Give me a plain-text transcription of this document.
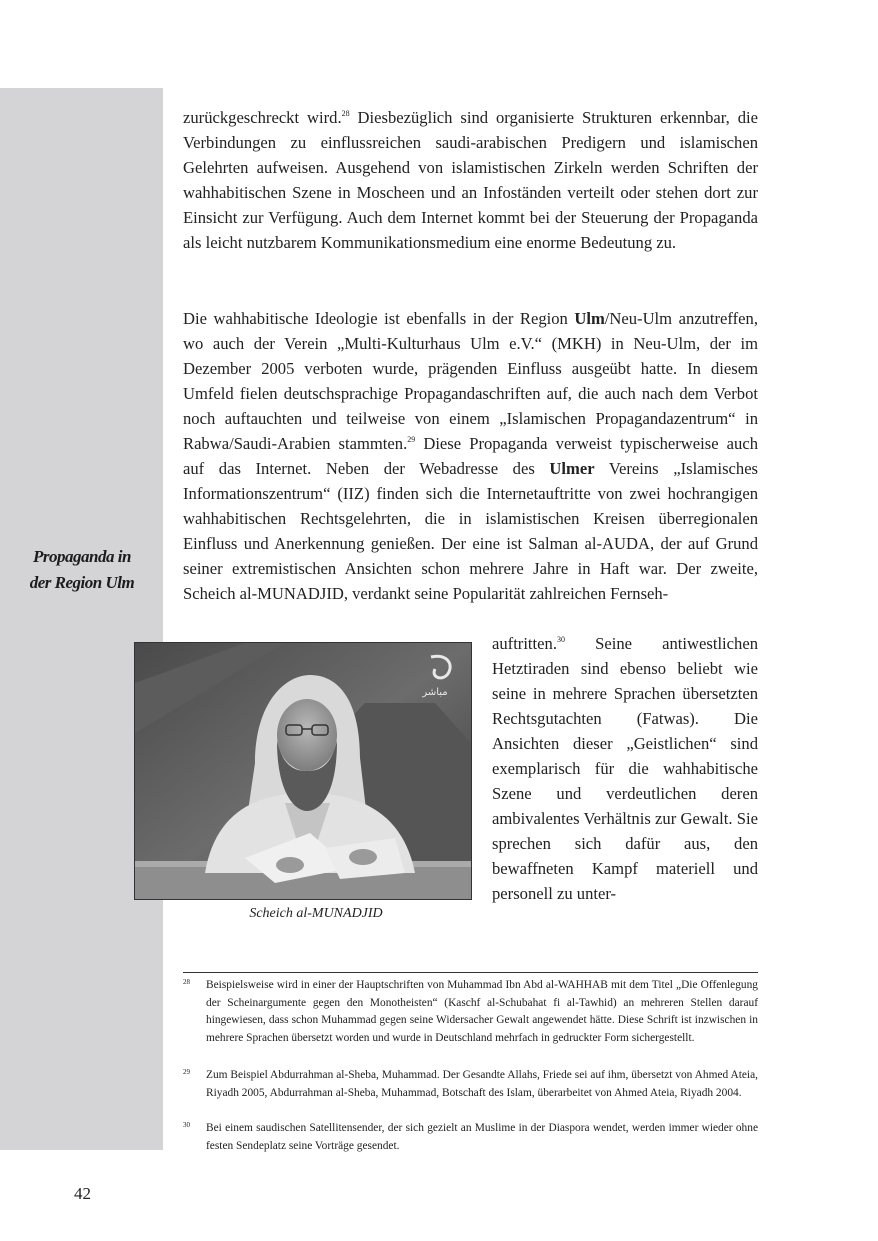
Propaganda in
der Region Ulm
zurückgeschreckt wird.$^{28}$ Diesbezüglich sind organisierte Strukturen erkennbar, die Verbindungen zu einflussreichen saudi-arabischen Predigern und islamischen Gelehrten aufweisen. Ausgehend von islamistischen Zirkeln werden Schriften der wahhabitischen Szene in Moscheen und an Infoständen verteilt oder stehen dort zur Einsicht zur Verfügung. Auch dem Internet kommt bei der Steuerung der Propaganda als leicht nutzbarem Kommunikationsmedium eine enorme Bedeutung zu.
Die wahhabitische Ideologie ist ebenfalls in der Region Ulm/Neu-Ulm anzutreffen, wo auch der Verein „Multi-Kulturhaus Ulm e.V.“ (MKH) in Neu-Ulm, der im Dezember 2005 verboten wurde, prägenden Einfluss ausgeübt hatte. In diesem Umfeld fielen deutschsprachige Propagandaschriften auf, die auch nach dem Verbot noch auftauchten und teilweise von einem „Islamischen Propagandazentrum“ in Rabwa/Saudi-Arabien stammten.$^{29}$ Diese Propaganda verweist typischerweise auch auf das Internet. Neben der Webadresse des Ulmer Vereins „Islamisches Informationszentrum“ (IIZ) finden sich die Internetauftritte von zwei hochrangigen wahhabitischen Rechtsgelehrten, die in islamistischen Kreisen überregionalen Einfluss und Anerkennung genießen. Der eine ist Salman al-AUDA, der auf Grund seiner extremistischen Ansichten schon mehrere Jahre in Haft war. Der zweite, Scheich al-MUNADJID, verdankt seine Popularität zahlreichen Fernseh-
auftritten.$^{30}$ Seine antiwestlichen Hetztiraden sind ebenso beliebt wie seine in mehrere Sprachen übersetzten Rechtsgutachten (Fatwas). Die Ansichten dieser „Geistlichen“ sind exemplarisch für die wahhabitische Szene und verdeutlichen deren ambivalentes Verhältnis zur Gewalt. Sie sprechen sich dafür aus, den bewaffneten Kampf materiell und personell zu unter-
مباشر
Scheich al-MUNADJID
28 Beispielsweise wird in einer der Hauptschriften von Muhammad Ibn Abd al-WAHHAB mit dem Titel „Die Offenlegung der Scheinargumente gegen den Monotheisten“ (Kaschf al-Schubahat fi al-Tawhid) an mehreren Stellen darauf hingewiesen, dass schon Muhammad gegen seine Widersacher Gewalt angewendet hätte. Diese Schrift ist inzwischen in mehrere Sprachen übersetzt worden und wurde in Deutschland mehrfach in gedruckter Form sichergestellt.
29 Zum Beispiel Abdurrahman al-Sheba, Muhammad. Der Gesandte Allahs, Friede sei auf ihm, übersetzt von Ahmed Ateia, Riyadh 2005, Abdurrahman al-Sheba, Muhammad, Botschaft des Islam, überarbeitet von Ahmed Ateia, Riyadh 2004.
30 Bei einem saudischen Satellitensender, der sich gezielt an Muslime in der Diaspora wendet, werden immer wieder ohne festen Sendeplatz seine Vorträge gesendet.
42
